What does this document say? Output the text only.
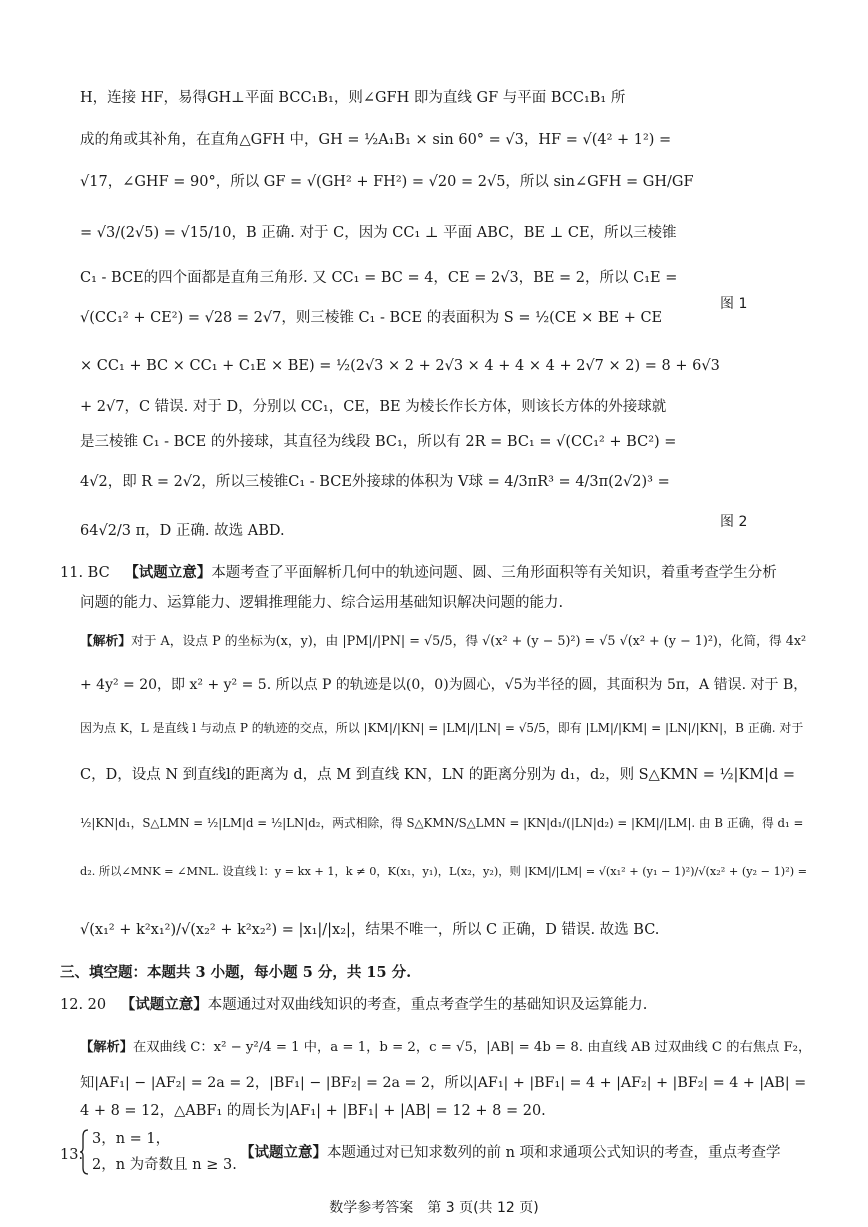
H，连接 HF，易得GH⊥平面 BCC₁B₁，则∠GFH 即为直线 GF 与平面 BCC₁B₁ 所
成的角或其补角，在直角△GFH 中，GH = ½A₁B₁ × sin 60° = √3，HF = √(4² + 1²) =
√17，∠GHF = 90°，所以 GF = √(GH² + FH²) = √20 = 2√5，所以 sin∠GFH = GH/GF
= √3/(2√5) = √15/10，B 正确. 对于 C，因为 CC₁ ⊥ 平面 ABC，BE ⊥ CE，所以三棱锥
C₁ - BCE的四个面都是直角三角形. 又 CC₁ = BC = 4，CE = 2√3，BE = 2，所以 C₁E =
√(CC₁² + CE²) = √28 = 2√7，则三棱锥 C₁ - BCE 的表面积为 S = ½(CE × BE + CE
× CC₁ + BC × CC₁ + C₁E × BE) = ½(2√3 × 2 + 2√3 × 4 + 4 × 4 + 2√7 × 2) = 8 + 6√3
+ 2√7，C 错误. 对于 D，分别以 CC₁，CE，BE 为棱长作长方体，则该长方体的外接球就
是三棱锥 C₁ - BCE 的外接球，其直径为线段 BC₁，所以有 2R = BC₁ = √(CC₁² + BC²) =
4√2，即 R = 2√2，所以三棱锥C₁ - BCE外接球的体积为 V球 = 4/3πR³ = 4/3π(2√2)³ =
64√2/3 π，D 正确. 故选 ABD.
图 1
图 2
11. BC 【试题立意】本题考查了平面解析几何中的轨迹问题、圆、三角形面积等有关知识，着重考查学生分析
问题的能力、运算能力、逻辑推理能力、综合运用基础知识解决问题的能力.
【解析】对于 A，设点 P 的坐标为(x，y)，由 |PM|/|PN| = √5/5，得 √(x² + (y − 5)²) = √5 √(x² + (y − 1)²)，化简，得 4x²
+ 4y² = 20，即 x² + y² = 5. 所以点 P 的轨迹是以(0，0)为圆心，√5为半径的圆，其面积为 5π，A 错误. 对于 B，
因为点 K，L 是直线 l 与动点 P 的轨迹的交点，所以 |KM|/|KN| = |LM|/|LN| = √5/5，即有 |LM|/|KM| = |LN|/|KN|，B 正确. 对于
C，D，设点 N 到直线l的距离为 d，点 M 到直线 KN，LN 的距离分别为 d₁，d₂，则 S△KMN = ½|KM|d =
½|KN|d₁，S△LMN = ½|LM|d = ½|LN|d₂，两式相除，得 S△KMN/S△LMN = |KN|d₁/(|LN|d₂) = |KM|/|LM|. 由 B 正确，得 d₁ =
d₂. 所以∠MNK = ∠MNL. 设直线 l：y = kx + 1，k ≠ 0，K(x₁，y₁)，L(x₂，y₂)，则 |KM|/|LM| = √(x₁² + (y₁ − 1)²)/√(x₂² + (y₂ − 1)²) =
√(x₁² + k²x₁²)/√(x₂² + k²x₂²) = |x₁|/|x₂|，结果不唯一，所以 C 正确，D 错误. 故选 BC.
三、填空题：本题共 3 小题，每小题 5 分，共 15 分.
12. 20 【试题立意】本题通过对双曲线知识的考查，重点考查学生的基础知识及运算能力.
【解析】在双曲线 C：x² − y²/4 = 1 中，a = 1，b = 2，c = √5，|AB| = 4b = 8. 由直线 AB 过双曲线 C 的右焦点 F₂，
知|AF₁| − |AF₂| = 2a = 2，|BF₁| − |BF₂| = 2a = 2，所以|AF₁| + |BF₁| = 4 + |AF₂| + |BF₂| = 4 + |AB| =
4 + 8 = 12，△ABF₁ 的周长为|AF₁| + |BF₁| + |AB| = 12 + 8 = 20.
13.
3，n = 1，
2，n 为奇数且 n ≥ 3.
【试题立意】本题通过对已知求数列的前 n 项和求通项公式知识的考查，重点考查学
数学参考答案　第 3 页(共 12 页)
